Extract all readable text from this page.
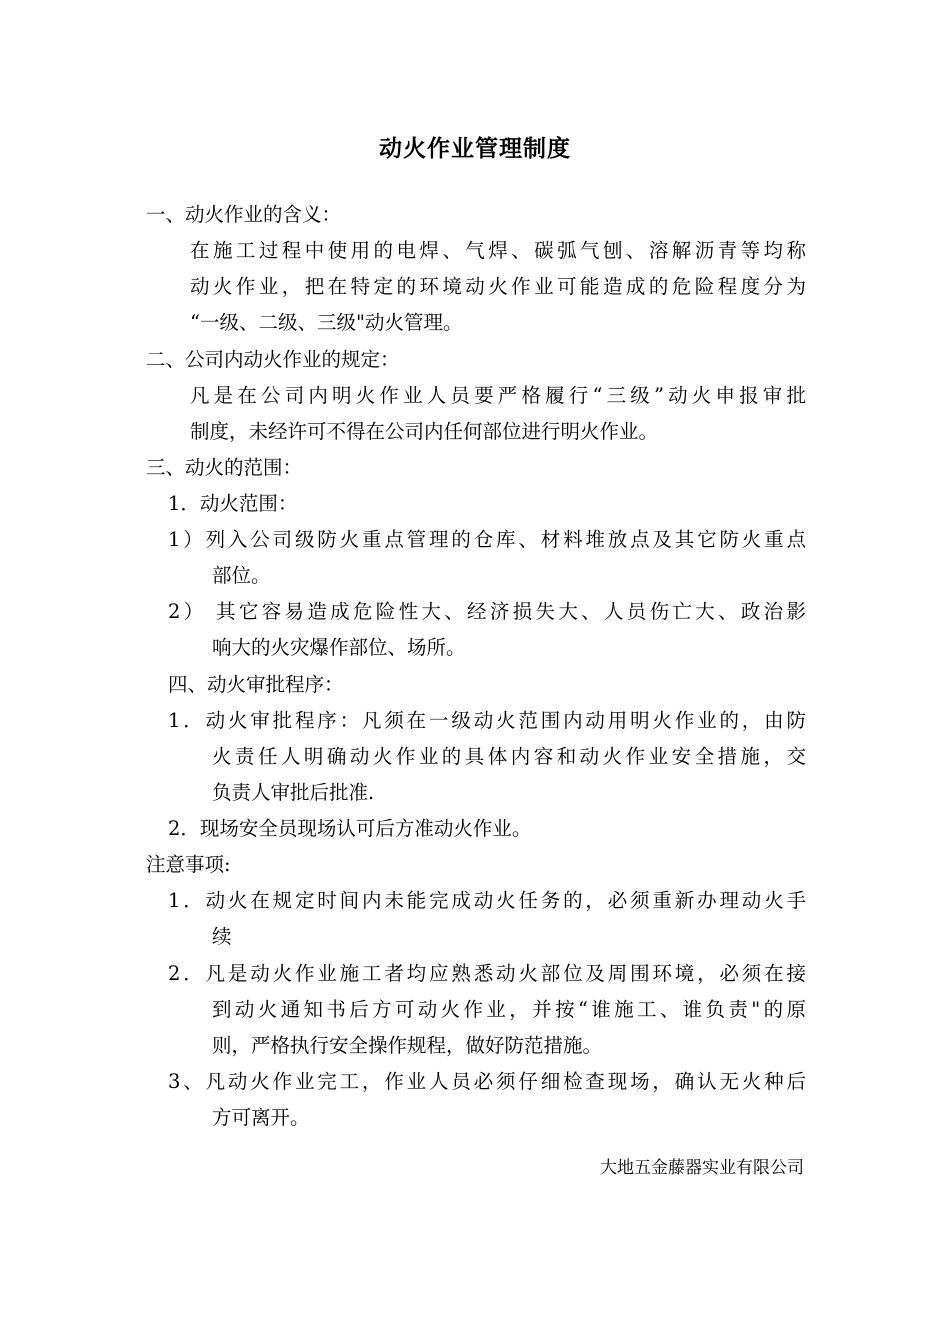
动火作业管理制度
一、动火作业的含义：
在施工过程中使用的电焊、气焊、碳弧气刨、溶解沥青等均称
动火作业，把在特定的环境动火作业可能造成的危险程度分为
“一级、二级、三级"动火管理。
二、公司内动火作业的规定：
凡是在公司内明火作业人员要严格履行“三级”动火申报审批
制度，未经许可不得在公司内任何部位进行明火作业。
三、动火的范围：
1．动火范围：
1）列入公司级防火重点管理的仓库、材料堆放点及其它防火重点
部位。
2） 其它容易造成危险性大、经济损失大、人员伤亡大、政治影
响大的火灾爆作部位、场所。
四、动火审批程序：
1．动火审批程序：凡须在一级动火范围内动用明火作业的，由防
火责任人明确动火作业的具体内容和动火作业安全措施，交
负责人审批后批准.
2．现场安全员现场认可后方准动火作业。
注意事项:
1．动火在规定时间内未能完成动火任务的，必须重新办理动火手
续
2．凡是动火作业施工者均应熟悉动火部位及周围环境，必须在接
到动火通知书后方可动火作业，并按“谁施工、谁负责"的原
则，严格执行安全操作规程，做好防范措施。
3、凡动火作业完工，作业人员必须仔细检查现场，确认无火种后
方可离开。
大地五金藤器实业有限公司
